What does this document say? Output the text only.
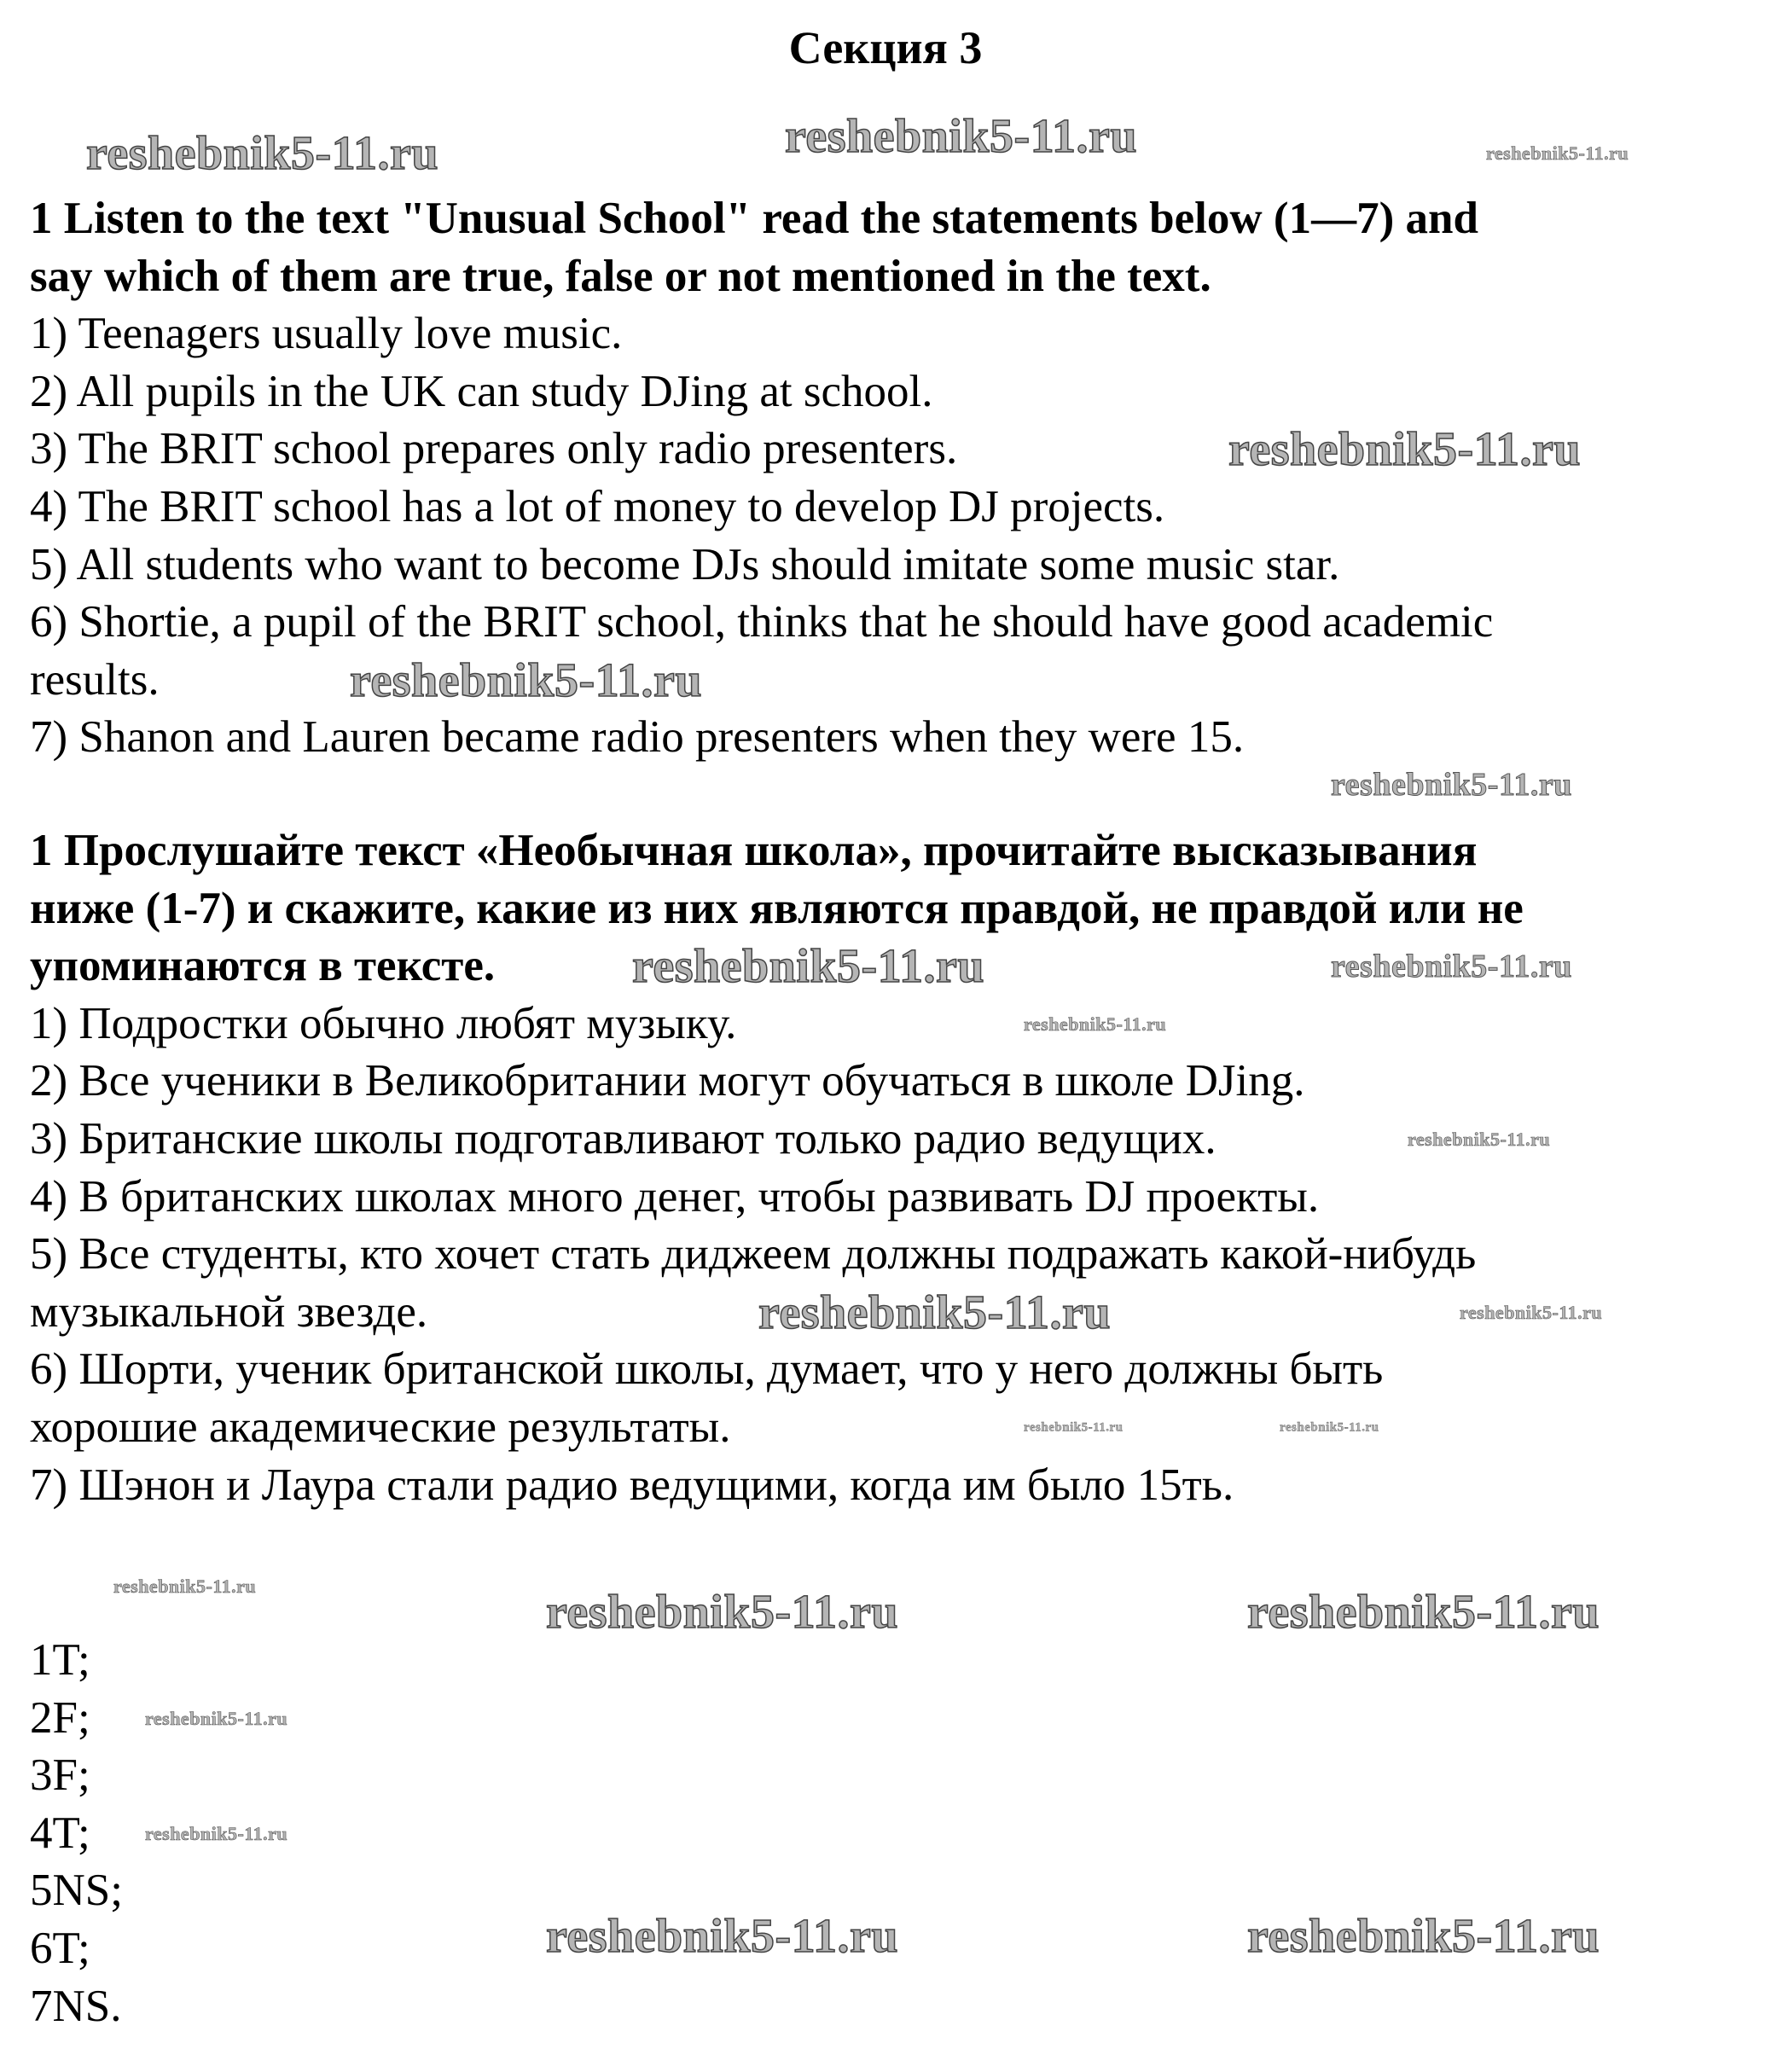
Секция 3
1 Listen to the text "Unusual School" read the statements below (1—7) and
say which of them are true, false or not mentioned in the text.
1) Teenagers usually love music.
2) All pupils in the UK can study DJing at school.
3) The BRIT school prepares only radio presenters.
4) The BRIT school has a lot of money to develop DJ projects.
5) All students who want to become DJs should imitate some music star.
6) Shortie, a pupil of the BRIT school, thinks that he should have good academic
results.
7) Shanon and Lauren became radio presenters when they were 15.
1 Прослушайте текст «Необычная школа», прочитайте высказывания
ниже (1-7) и скажите, какие из них являются правдой, не правдой или не
упоминаются в тексте.
1) Подростки обычно любят музыку.
2) Все ученики в Великобритании могут обучаться в школе DJing.
3) Британские школы подготавливают только радио ведущих.
4) В британских школах много денег, чтобы развивать DJ проекты.
5) Все студенты, кто хочет стать диджеем должны подражать какой-нибудь
музыкальной звезде.
6) Шорти, ученик британской школы, думает, что у него должны быть
хорошие академические результаты.
7) Шэнон и Лаура стали радио ведущими, когда им было 15ть.
1T;
2F;
3F;
4T;
5NS;
6T;
7NS.
reshebnik5-11.ru	reshebnik5-11.ru	reshebnik5-11.ru
reshebnik5-11.ru
reshebnik5-11.ru
reshebnik5-11.ru
reshebnik5-11.ru	reshebnik5-11.ru
reshebnik5-11.ru
reshebnik5-11.ru
reshebnik5-11.ru	reshebnik5-11.ru
reshebnik5-11.ru	reshebnik5-11.ru
reshebnik5-11.ru	reshebnik5-11.ru	reshebnik5-11.ru
reshebnik5-11.ru
reshebnik5-11.ru
reshebnik5-11.ru	reshebnik5-11.ru
